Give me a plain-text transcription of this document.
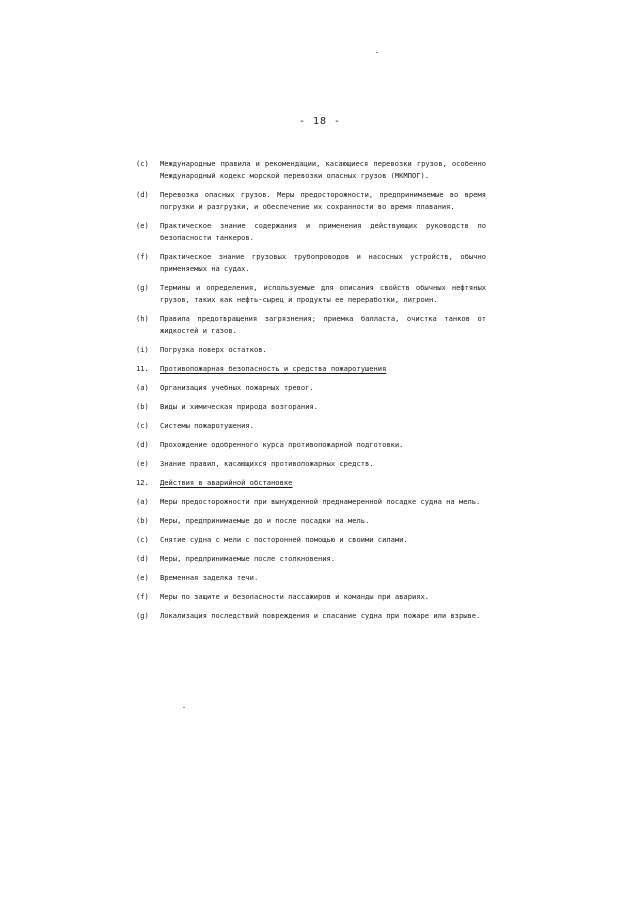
- 18 -
(c)	Международные правила и рекомендации, касающиеся перевозки грузов, особенно Международный кодекс морской перевозки опасных грузов (МКМПОГ).
(d)	Перевозка опасных грузов. Меры предосторожности, предпринимаемые во время погрузки и разгрузки, и обеспечение их сохранности во время плавания.
(e)	Практическое знание содержания и применения действующих руководств по безопасности танкеров.
(f)	Практическое знание грузовых трубопроводов и насосных устройств, обычно применяемых на судах.
(g)	Термины и определения, используемые для описания свойств обычных нефтяных грузов, таких как нефть-сырец и продукты ее переработки, лигроин.
(h)	Правила предотвращения загрязнения; приемка балласта, очистка танков от жидкостей и газов.
(i)	Погрузка поверх остатков.
11.	Противопожарная безопасность и средства пожаротушения
(a)	Организация учебных пожарных тревог.
(b)	Виды и химическая природа возгорания.
(c)	Системы пожаротушения.
(d)	Прохождение одобренного курса противопожарной подготовки.
(e)	Знание правил, касающихся противопожарных средств.
12.	Действия в аварийной обстановке
(a)	Меры предосторожности при вынужденной преднамеренной посадке судна на мель.
(b)	Меры, предпринимаемые до и после посадки на мель.
(c)	Снятие судна с мели с посторонней помощью и своими силами.
(d)	Меры, предпринимаемые после столкновения.
(e)	Временная заделка течи.
(f)	Меры по защите и безопасности пассажиров и команды при авариях.
(g)	Локализация последствий повреждения и спасание судна при пожаре или взрыве.
